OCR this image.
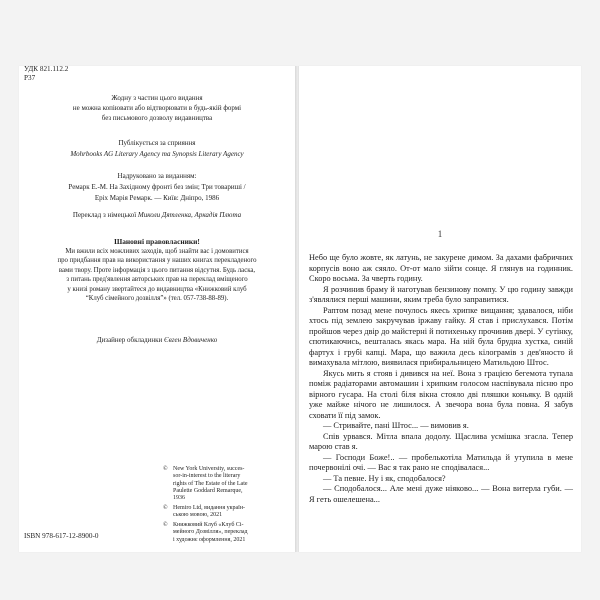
УДК 821.112.2
Р37
Жодну з частин цього видання
не можна копіювати або відтворювати в будь-якій формі
без письмового дозволу видавництва
Публікується за сприяння
Mohrbooks AG Literary Agency та Synopsis Literary Agency
Надруковано за виданням:
Ремарк Е.-М. На Західному фронті без змін; Три товариші /
Еріх Марія Ремарк. — Київ: Дніпро, 1986
Переклад з німецької Миколи Дятленка, Аркадія Плюта
Шановні правовласники!
Ми вжили всіх можливих заходів, щоб знайти вас і домовитися
про придбання прав на використання у наших книгах перекладеного
вами твору. Проте інформація з цього питання відсутня. Будь ласка,
з питань пред'явлення авторських прав на переклад вміщеного
у книзі роману звертайтеся до видавництва «Книжковий клуб
“Клуб сімейного дозвілля”» (тел. 057-738-88-89).
Дизайнер обкладинки Євген Вдовиченко
© New York University, succes-
sor-in-interest to the literary
rights of The Estate of the Late
Paulette Goddard Remarque,
1936
© Hemiro Ltd, видання україн-
ською мовою, 2021
© Книжковий Клуб «Клуб Сі-
мейного Дозвілля», переклад
і художнє оформлення, 2021
ISBN 978-617-12-8900-0
1

Небо ще було жовте, як латунь, не закурене димом. За дахами фабричних корпусів воно аж сяяло. От-от мало зійти сонце. Я глянув на годинник. Скоро восьма. За чверть годину.

Я розчинив браму й наготував бензинову помпу. У цю годину завжди з'являлися перші машини, яким треба було заправитися.

Раптом позад мене почулось якесь хрипке вищання; здавалося, ніби хтось під землею закручував іржаву гайку. Я став і прислухався. Потім пройшов через двір до майстерні й потихеньку прочинив двері. У сутінку, спотикаючись, вешталась якась мара. На ній була брудна хустка, синій фартух і грубі капці. Мара, що важила десь кілограмів з дев'яносто й вимахувала мітлою, виявилася прибиральницею Матильдою Штос.

Якусь мить я стояв і дивився на неї. Вона з грацією бегемота тупала поміж радіаторами автомашин і хрипким голосом наспівувала пісню про вірного гусара. На столі біля вікна стояло дві пляшки коньяку. В одній уже майже нічого не лишилося. А звечора вона була повна. Я забув сховати її під замок.

— Стривайте, пані Штос... — вимовив я.

Спів урвався. Мітла впала додолу. Щаслива усмішка згасла. Тепер марою став я.

— Господи Боже!.. — пробелькотіла Матильда й утупила в мене почервонілі очі. — Вас я так рано не сподівалася...

— Та певне. Ну і як, сподобалося?

— Сподобалося... Але мені дуже ніяково... — Вона витерла губи. — Я геть ошелешена...
